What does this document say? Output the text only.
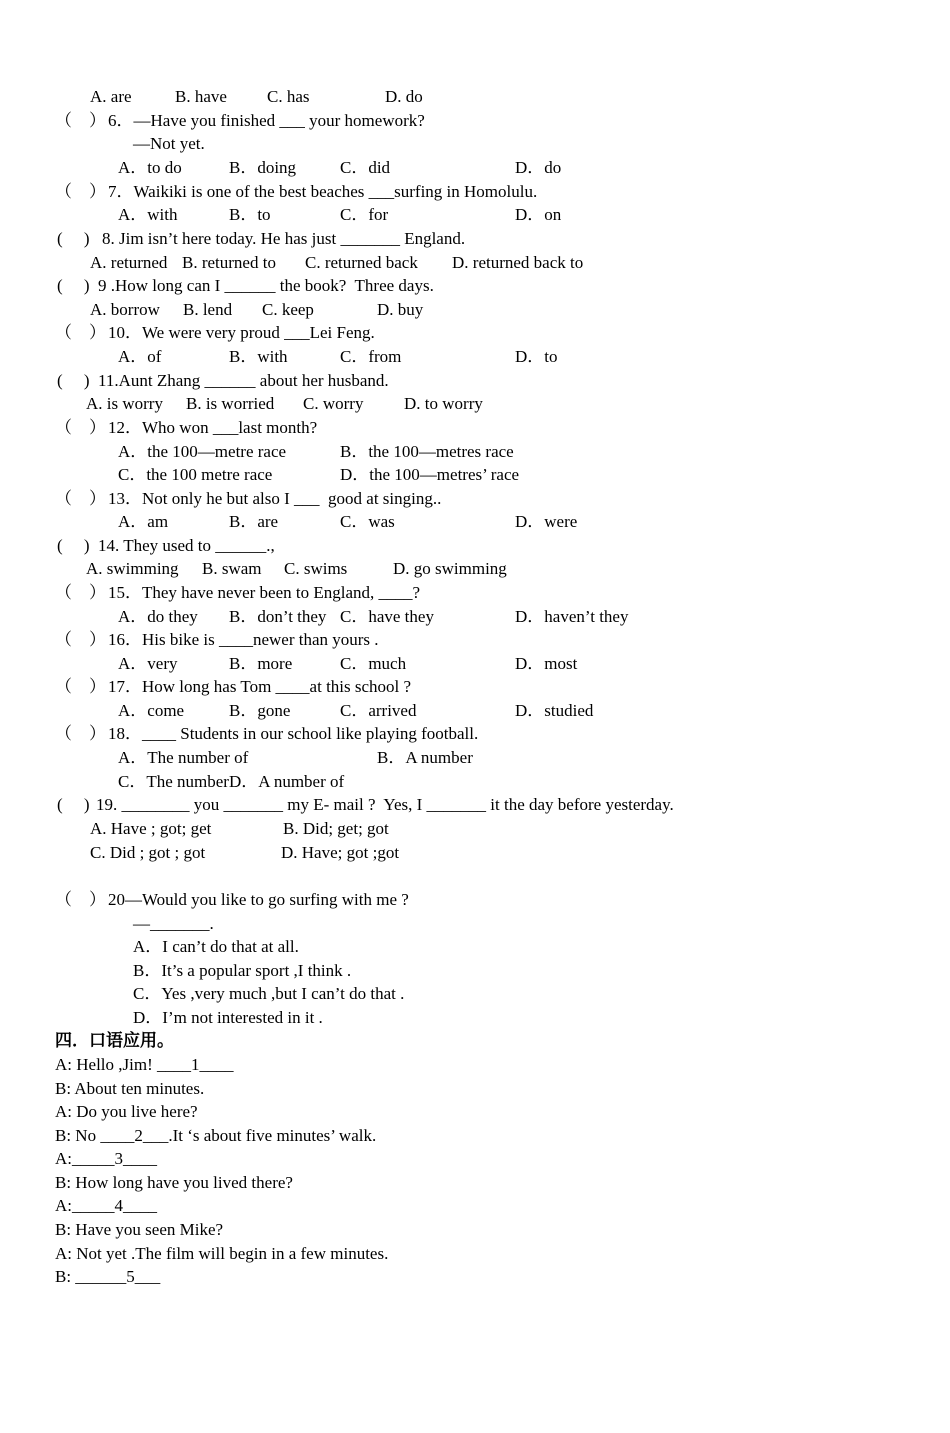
A. are	B. have C. has	D. do
（　） 6．—Have you finished ___ your homework?
—Not yet.
A．to do	B．doing	C．did	D．do
（　） 7．Waikiki is one of the best beaches ___surfing in Homolulu.
A．with	B．to	C．for	D．on
(　 ) 8. Jim isn’t here today. He has just _______ England.
A. returned B. returned to C. returned back D. returned back to
(　 ) 9 .How long can I ______ the book?  Three days.
A. borrow B. lend C. keep	D. buy
（　） 10．We were very proud ___Lei Feng.
A．of	B．with	C．from	D．to
(　 ) 11.Aunt Zhang ______ about her husband.
A. is worry B. is worried C. worry D. to worry
（　） 12．Who won ___last month?
A．the 100—metre race	B．the 100—metres race
C．the 100 metre race	D．the 100—metres’ race
（　） 13．Not only he but also I ___  good at singing..
A．am	B．are	C．was	D．were
(　 ) 14. They used to ______.,
A. swimming B. swam C. swims	D. go swimming
（　） 15．They have never been to England, ____?
A．do they B．don’t they C．have they	D．haven’t they
（　） 16．His bike is ____newer than yours .
A．very	B．more	C．much	D．most
（　） 17．How long has Tom ____at this school ?
A．come	B．gone	C．arrived	D．studied
（　） 18．____ Students in our school like playing football.
A．The number of	B．A number
C．The numberD．A number of
(　 ) 19. ________ you _______ my E- mail ?  Yes, I _______ it the day before yesterday.
A. Have ; got; get	B. Did; get; got
C. Did ; got ; got	D. Have; got ;got
（　） 20—Would you like to go surfing with me ?
—_______.
A．I can’t do that at all.
B．It’s a popular sport ,I think .
C．Yes ,very much ,but I can’t do that .
D．I’m not interested in it .
四．口语应用。
A: Hello ,Jim! ____1____
B: About ten minutes.
A: Do you live here?
B: No ____2___.It ‘s about five minutes’ walk.
A:_____3____
B: How long have you lived there?
A:_____4____
B: Have you seen Mike?
A: Not yet .The film will begin in a few minutes.
B: ______5___
